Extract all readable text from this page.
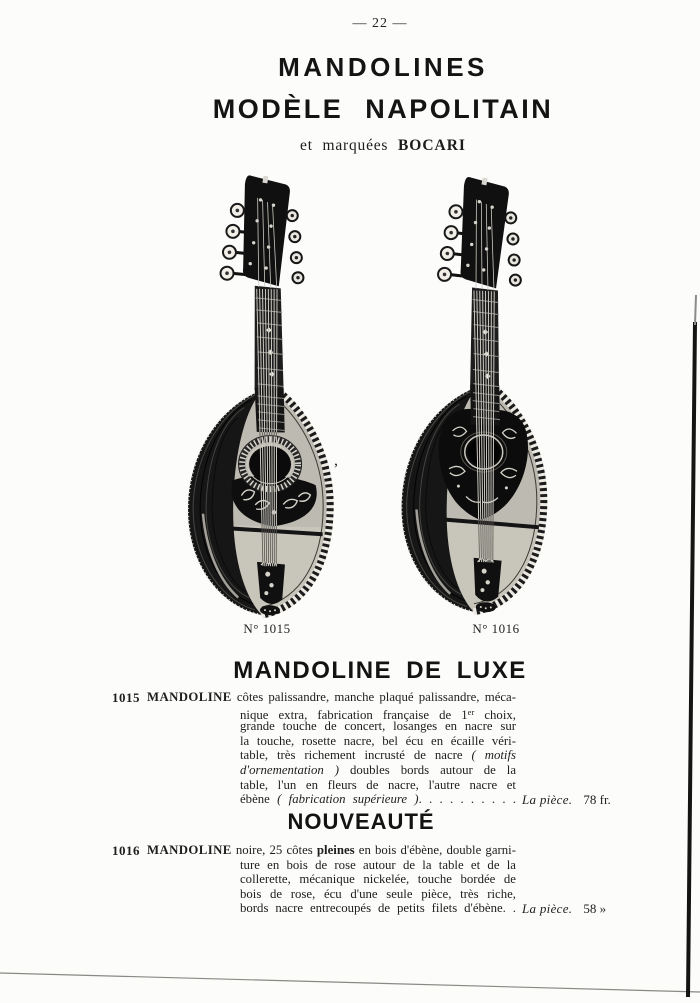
— 22 —
MANDOLINES
MODÈLE NAPOLITAIN
et marquées BOCARI
N° 1015	N° 1016
MANDOLINE DE LUXE
1015 MANDOLINE côtes palissandre, manche plaqué palissandre, méca-
nique extra, fabrication française de 1er choix,
grande touche de concert, losanges en nacre sur
la touche, rosette nacre, bel écu en écaille véri-
table, très richement incrusté de nacre ( motifs
d'ornementation ) doubles bords autour de la
table, l'un en fleurs de nacre, l'autre nacre et
ébène ( fabrication supérieure ). . . . . . . . . . La pièce. 78 fr.
NOUVEAUTÉ
1016 MANDOLINE noire, 25 côtes pleines en bois d'ébène, double garni-
ture en bois de rose autour de la table et de la
collerette, mécanique nickelée, touche bordée de
bois de rose, écu d'une seule pièce, très riche,
bords nacre entrecoupés de petits filets d'ébène. . La pièce. 58 »
,
